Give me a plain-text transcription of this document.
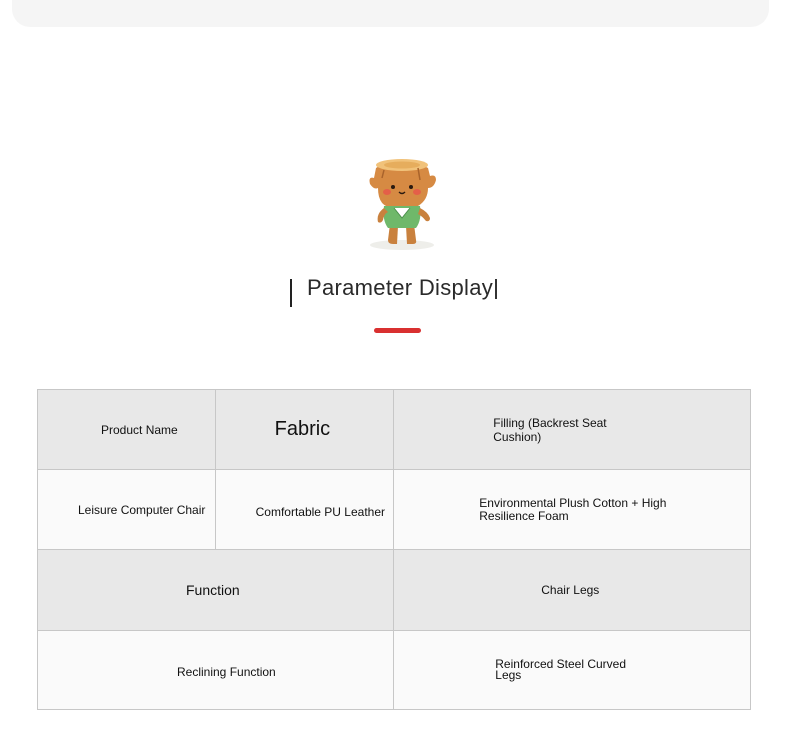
Parameter Display
Product Name	Fabric	Filling (Backrest Seat Cushion)

Leisure Computer Chair	Comfortable PU Leather	Environmental Plush Cotton + High Resilience Foam

Function		Chair Legs

Reclining Function		Reinforced Steel Curved Legs
